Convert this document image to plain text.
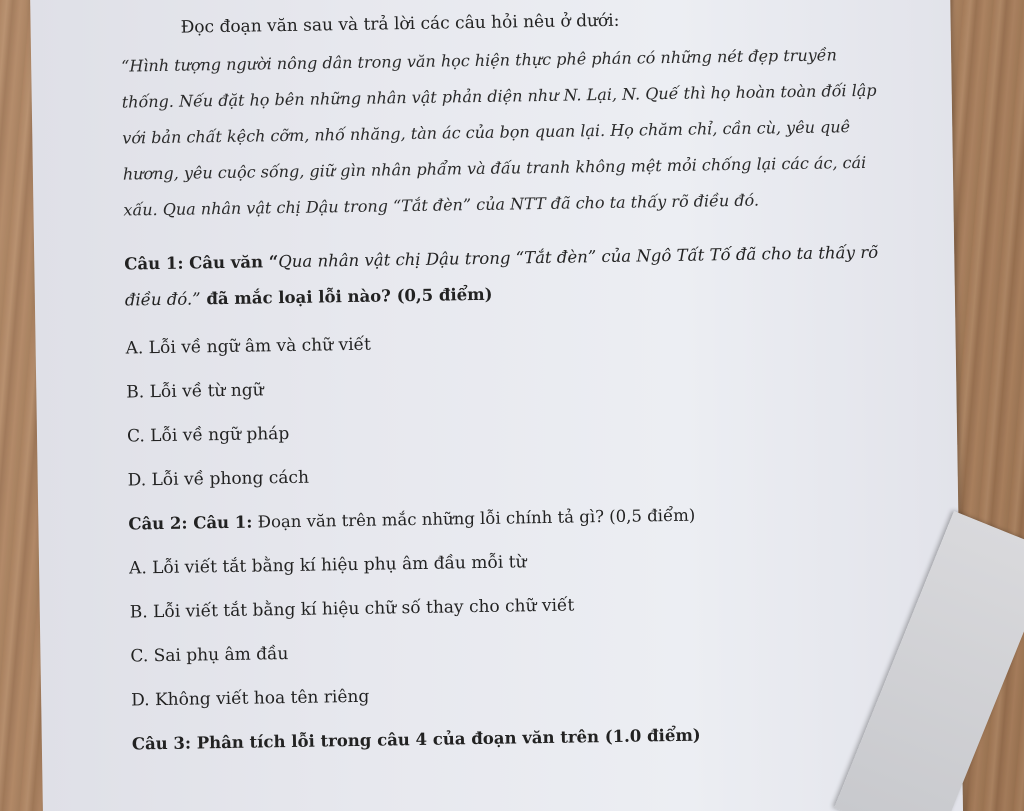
Đọc đoạn văn sau và trả lời các câu hỏi nêu ở dưới:

“Hình tượng người nông dân trong văn học hiện thực phê phán có những nét đẹp truyền thống. Nếu đặt họ bên những nhân vật phản diện như N. Lại, N. Quế thì họ hoàn toàn đối lập với bản chất kệch cỡm, nhố nhăng, tàn ác của bọn quan lại. Họ chăm chỉ, cần cù, yêu quê hương, yêu cuộc sống, giữ gìn nhân phẩm và đấu tranh không mệt mỏi chống lại các ác, cái xấu. Qua nhân vật chị Dậu trong “Tắt đèn” của NTT đã cho ta thấy rõ điều đó.

Câu 1: Câu văn “Qua nhân vật chị Dậu trong “Tắt đèn” của Ngô Tất Tố đã cho ta thấy rõ điều đó.” đã mắc loại lỗi nào? (0,5 điểm)

A. Lỗi về ngữ âm và chữ viết

B. Lỗi về từ ngữ

C. Lỗi về ngữ pháp

D. Lỗi về phong cách

Câu 2: Câu 1: Đoạn văn trên mắc những lỗi chính tả gì? (0,5 điểm)

A. Lỗi viết tắt bằng kí hiệu phụ âm đầu mỗi từ

B. Lỗi viết tắt bằng kí hiệu chữ số thay cho chữ viết

C. Sai phụ âm đầu

D. Không viết hoa tên riêng

Câu 3: Phân tích lỗi trong câu 4 của đoạn văn trên (1.0 điểm)
